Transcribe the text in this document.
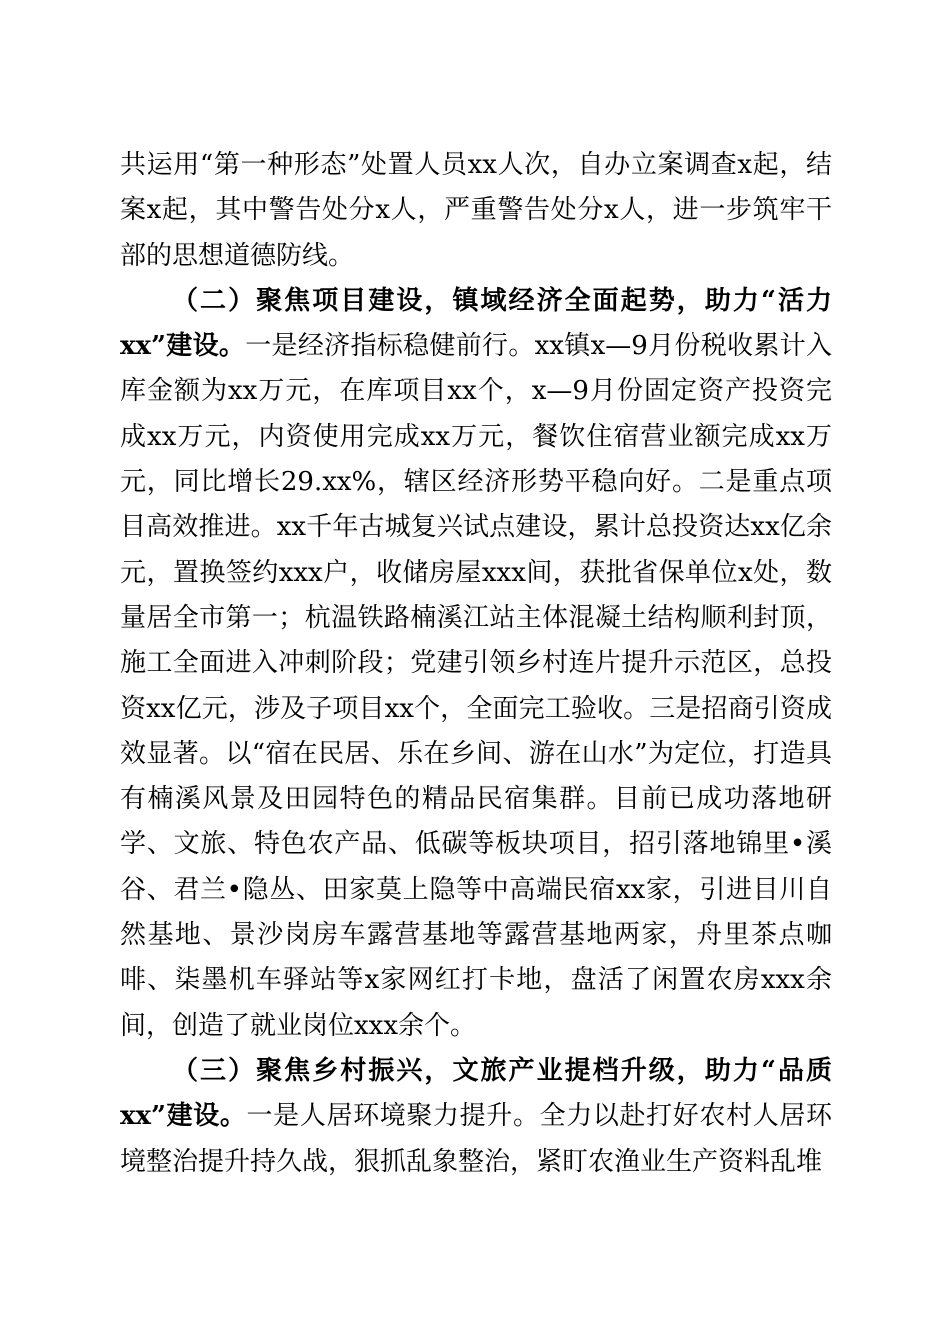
共运用“第一种形态”处置人员xx人次，自办立案调查x起，结案x起，其中警告处分x人，严重警告处分x人，进一步筑牢干部的思想道德防线。

（二）聚焦项目建设，镇域经济全面起势，助力“活力xx”建设。一是经济指标稳健前行。xx镇x—9月份税收累计入库金额为xx万元，在库项目xx个，x—9月份固定资产投资完成xx万元，内资使用完成xx万元，餐饮住宿营业额完成xx万元，同比增长29.xx%，辖区经济形势平稳向好。二是重点项目高效推进。xx千年古城复兴试点建设，累计总投资达xx亿余元，置换签约xxx户，收储房屋xxx间，获批省保单位x处，数量居全市第一；杭温铁路楠溪江站主体混凝土结构顺利封顶，施工全面进入冲刺阶段；党建引领乡村连片提升示范区，总投资xx亿元，涉及子项目xx个，全面完工验收。三是招商引资成效显著。以“宿在民居、乐在乡间、游在山水”为定位，打造具有楠溪风景及田园特色的精品民宿集群。目前已成功落地研学、文旅、特色农产品、低碳等板块项目，招引落地锦里•溪谷、君兰•隐丛、田家莫上隐等中高端民宿xx家，引进目川自然基地、景沙岗房车露营基地等露营基地两家，舟里茶点咖啡、柒墨机车驿站等x家网红打卡地，盘活了闲置农房xxx余间，创造了就业岗位xxx余个。

（三）聚焦乡村振兴，文旅产业提档升级，助力“品质xx”建设。一是人居环境聚力提升。全力以赴打好农村人居环境整治提升持久战，狠抓乱象整治，紧盯农渔业生产资料乱堆
